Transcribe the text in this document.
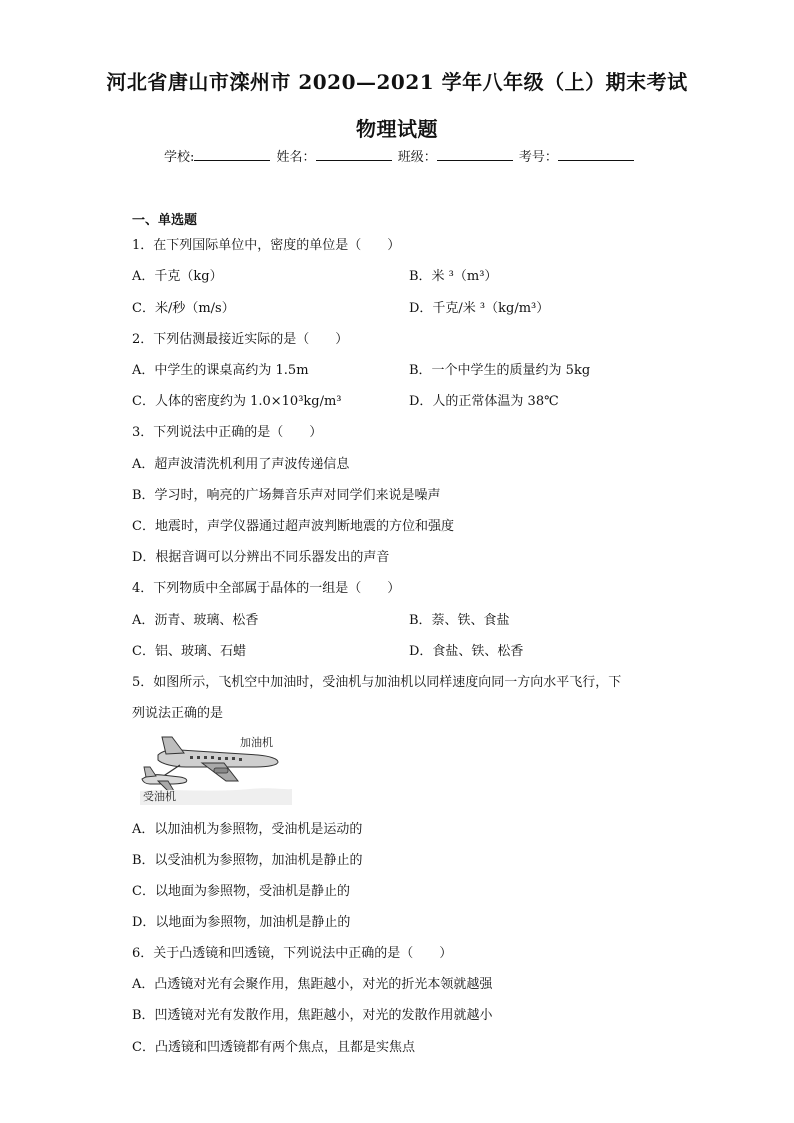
河北省唐山市滦州市 2020—2021 学年八年级（上）期末考试
物理试题
学校:	姓名：	班级：	考号：
一、单选题
1．在下列国际单位中，密度的单位是（　　）
A．千克（kg）	B．米 ³（m³）
C．米/秒（m/s）	D．千克/米 ³（kg/m³）
2．下列估测最接近实际的是（　　）
A．中学生的课桌高约为 1.5m	B．一个中学生的质量约为 5kg
C．人体的密度约为 1.0×10³kg/m³	D．人的正常体温为 38℃
3．下列说法中正确的是（　　）
A．超声波清洗机利用了声波传递信息
B．学习时，响亮的广场舞音乐声对同学们来说是噪声
C．地震时，声学仪器通过超声波判断地震的方位和强度
D．根据音调可以分辨出不同乐器发出的声音
4．下列物质中全部属于晶体的一组是（　　）
A．沥青、玻璃、松香	B．萘、铁、食盐
C．铝、玻璃、石蜡	D．食盐、铁、松香
5．如图所示，飞机空中加油时，受油机与加油机以同样速度向同一方向水平飞行，下
列说法正确的是
加油机
受油机
A．以加油机为参照物，受油机是运动的
B．以受油机为参照物，加油机是静止的
C．以地面为参照物，受油机是静止的
D．以地面为参照物，加油机是静止的
6．关于凸透镜和凹透镜，下列说法中正确的是（　　）
A．凸透镜对光有会聚作用，焦距越小，对光的折光本领就越强
B．凹透镜对光有发散作用，焦距越小，对光的发散作用就越小
C．凸透镜和凹透镜都有两个焦点，且都是实焦点
